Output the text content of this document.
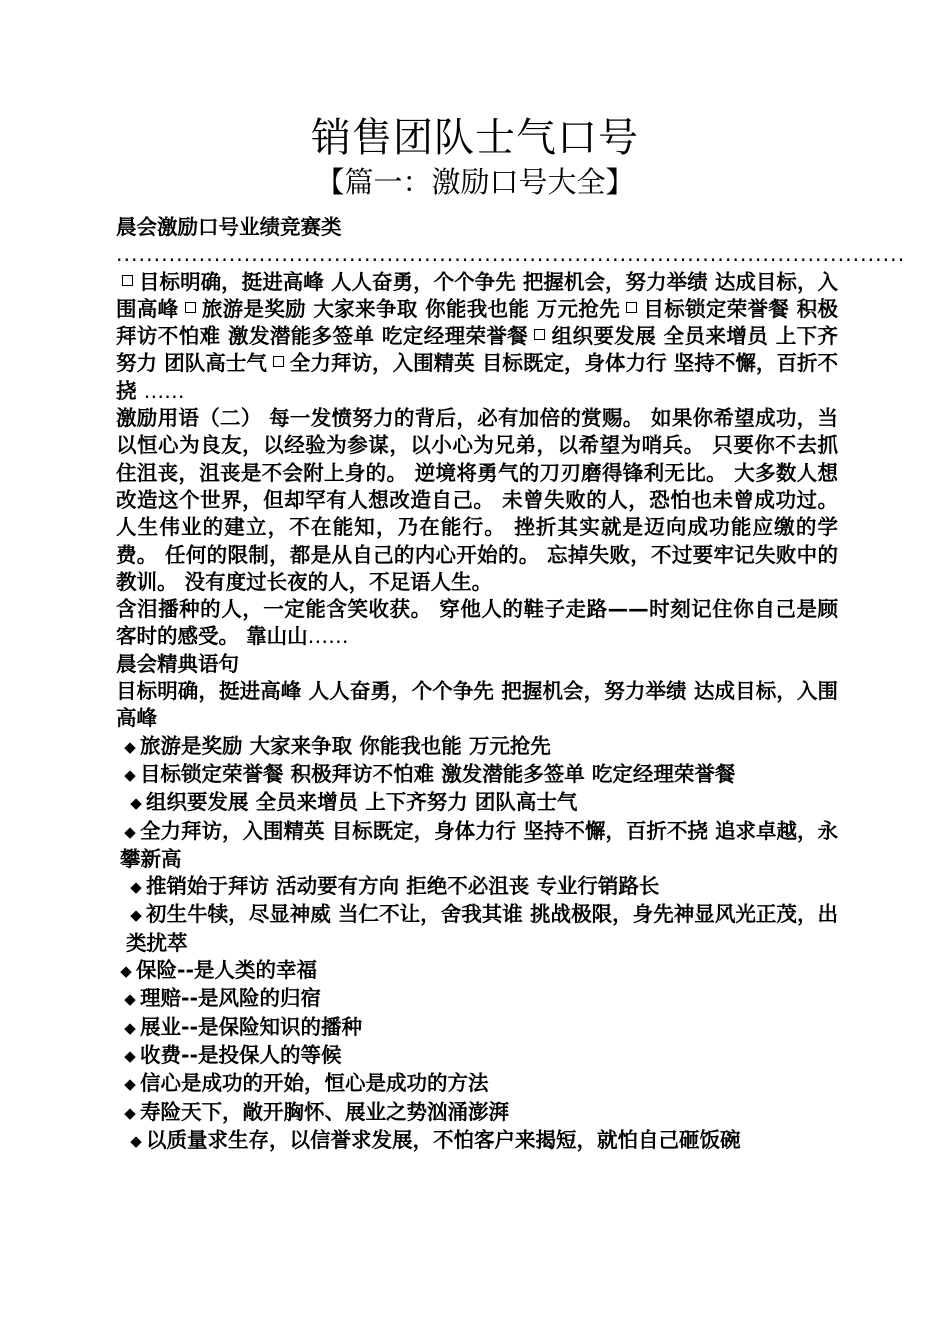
销售团队士气口号
【篇一：激励口号大全】

晨会激励口号业绩竞赛类

.........................................................................................................目标明确，挺进高峰 人人奋勇，个个争先 把握机会，努力举绩 达成目标，入围高峰 旅游是奖励 大家来争取 你能我也能 万元抢先 目标锁定荣誉餐 积极拜访不怕难 激发潜能多签单 吃定经理荣誉餐 组织要发展 全员来增员 上下齐努力 团队高士气 全力拜访，入围精英 目标既定，身体力行 坚持不懈，百折不挠 ……

激励用语（二） 每一发愤努力的背后，必有加倍的赏赐。 如果你希望成功，当以恒心为良友，以经验为参谋，以小心为兄弟，以希望为哨兵。 只要你不去抓住沮丧，沮丧是不会附上身的。 逆境将勇气的刀刃磨得锋利无比。 大多数人想改造这个世界，但却罕有人想改造自己。 未曾失败的人，恐怕也未曾成功过。 人生伟业的建立，不在能知，乃在能行。 挫折其实就是迈向成功能应缴的学费。 任何的限制，都是从自己的内心开始的。 忘掉失败，不过要牢记失败中的教训。 没有度过长夜的人，不足语人生。

含泪播种的人，一定能含笑收获。 穿他人的鞋子走路——时刻记住你自己是顾客时的感受。 靠山山……

晨会精典语句

目标明确，挺进高峰 人人奋勇，个个争先 把握机会，努力举绩 达成目标，入围高峰

◆ 旅游是奖励 大家来争取 你能我也能 万元抢先

◆ 目标锁定荣誉餐 积极拜访不怕难 激发潜能多签单 吃定经理荣誉餐

◆ 组织要发展 全员来增员 上下齐努力 团队高士气

◆ 全力拜访，入围精英 目标既定，身体力行 坚持不懈，百折不挠 追求卓越，永攀新高

◆ 推销始于拜访 活动要有方向 拒绝不必沮丧 专业行销路长

◆ 初生牛犊，尽显神威 当仁不让，舍我其谁 挑战极限，身先神显风光正茂，出类扰萃

◆ 保险--是人类的幸福

◆ 理赔--是风险的归宿

◆ 展业--是保险知识的播种

◆ 收费--是投保人的等候

◆ 信心是成功的开始，恒心是成功的方法

◆ 寿险天下，敞开胸怀、展业之势汹涌澎湃

◆ 以质量求生存，以信誉求发展，不怕客户来揭短，就怕自己砸饭碗
